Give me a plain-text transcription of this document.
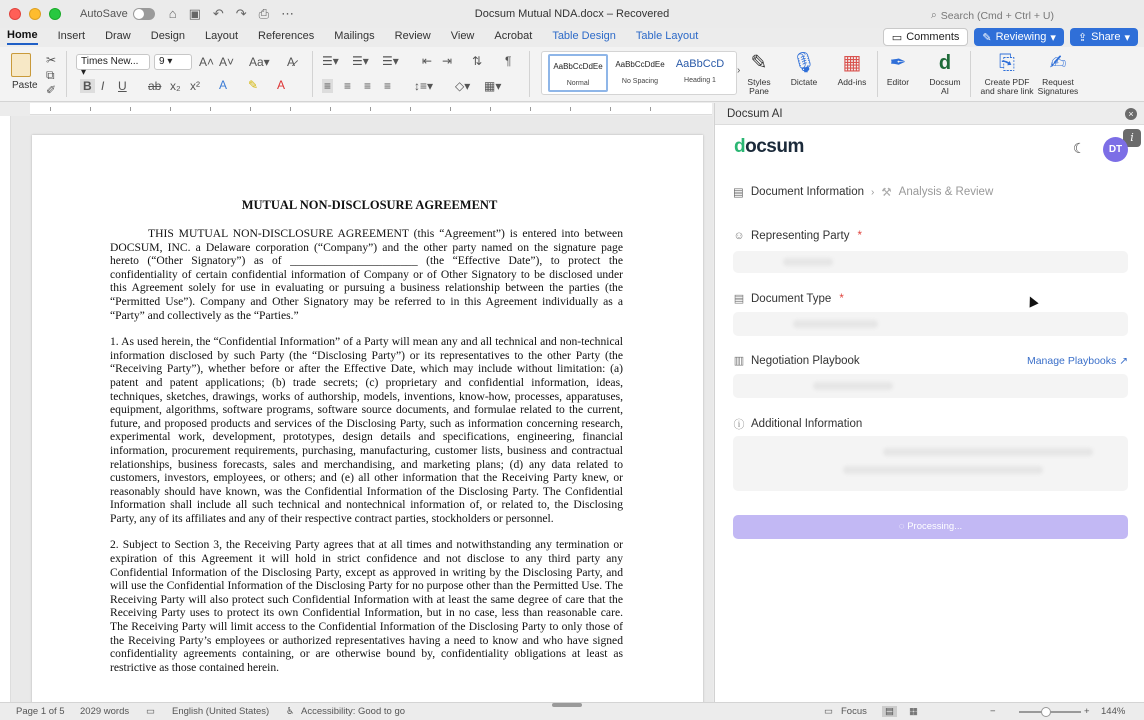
AutoSave	⌂ ▣ ↶ ↷ ⎙ ⋯	Docsum Mutual NDA.docx – Recovered	⌕ Search (Cmd + Ctrl + U)
Home Insert Draw Design Layout References Mailings Review View Acrobat Table Design Table Layout	▭ Comments ✎ Reviewing ▾ ⇪ Share ▾
Paste
✂
⧉
✐
Times New... ▾
9 ▾	A˄ A˅ Aa▾ A̷
B I U ab x₂ x² A ✎ A
☰▾ ☰▾ ☰▾ ⇤ ⇥ ⇅ ¶
≡ ≡ ≡ ≡ ↕≡▾ ◇▾ ▦▾
AaBbCcDdEe
Normal
AaBbCcDdEe
No Spacing
AaBbCcD
Heading 1
› ✎
Styles Pane
🎙
Dictate
▦
Add-ins
✒
Editor
d
Docsum AI
⎘
Create PDF and share link
✍
Request Signatures
MUTUAL NON-DISCLOSURE AGREEMENT

THIS MUTUAL NON-DISCLOSURE AGREEMENT (this “Agreement”) is entered into between DOCSUM, INC. a Delaware corporation (“Company”) and the other party named on the signature page hereto (“Other Signatory”) as of ______________________ (the “Effective Date”), to protect the confidentiality of certain confidential information of Company or of Other Signatory to be disclosed under this Agreement solely for use in evaluating or pursuing a business relationship between the parties (the “Permitted Use”). Company and Other Signatory may be referred to in this Agreement individually as a “Party” and collectively as the “Parties.”

1. As used herein, the “Confidential Information” of a Party will mean any and all technical and non-technical information disclosed by such Party (the “Disclosing Party”) or its representatives to the other Party (the “Receiving Party”), whether before or after the Effective Date, which may include without limitation: (a) patent and patent applications; (b) trade secrets; (c) proprietary and confidential information, ideas, techniques, sketches, drawings, works of authorship, models, inventions, know-how, processes, apparatuses, equipment, algorithms, software programs, software source documents, and formulae related to the current, future, and proposed products and services of the Disclosing Party, such as information concerning research, experimental work, development, prototypes, design details and specifications, engineering, financial information, procurement requirements, purchasing, manufacturing, customer lists, business and contractual relationships, business forecasts, sales and merchandising, and marketing plans; (d) any data related to customers, investors, employees, or others; and (e) all other information that the Receiving Party knew, or reasonably should have known, was the Confidential Information of the Disclosing Party. The Confidential Information shall include all such technical and nontechnical information of, or related to, the Disclosing Party, any of its affiliates and any of their respective contract parties, stockholders or personnel.

2. Subject to Section 3, the Receiving Party agrees that at all times and notwithstanding any termination or expiration of this Agreement it will hold in strict confidence and not disclose to any third party any Confidential Information of the Disclosing Party, except as approved in writing by the Disclosing Party, and will use the Confidential Information of the Disclosing Party for no purpose other than the Permitted Use. The Receiving Party will also protect such Confidential Information with at least the same degree of care that the Receiving Party uses to protect its own Confidential Information, but in no case, less than reasonable care. The Receiving Party will limit access to the Confidential Information of the Disclosing Party to only those of the Receiving Party’s employees or authorized representatives having a need to know and who have signed confidentiality agreements containing, or are otherwise bound by, confidentiality obligations at least as restrictive as those contained herein.

Docsum AI	×
i
docsum	☾	DT
▤ Document Information › ⚒ Analysis & Review
☺ Representing Party *
▤ Document Type *
▥ Negotiation Playbook	Manage Playbooks ↗
ⓘ Additional Information
◌ Processing...
Page 1 of 5 2029 words ▭ English (United States) ♿ Accessibility: Good to go	▭ Focus	▤	▦	−	+ 144%
